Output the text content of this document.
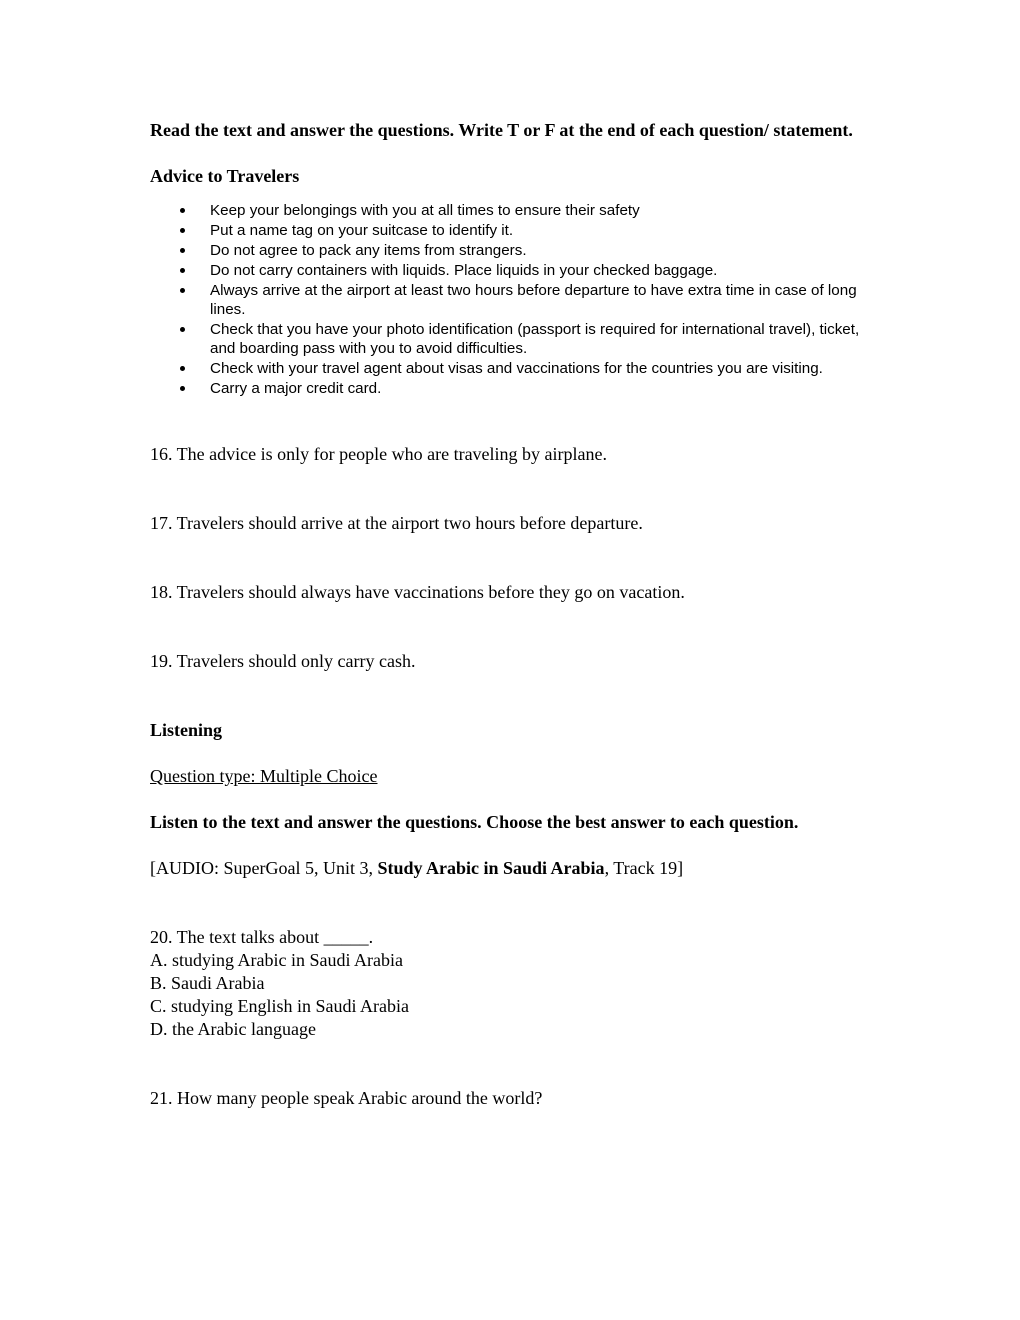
Read the text and answer the questions. Write T or F at the end of each question/ statement.

Advice to Travelers

Keep your belongings with you at all times to ensure their safety
Put a name tag on your suitcase to identify it.
Do not agree to pack any items from strangers.
Do not carry containers with liquids. Place liquids in your checked baggage.
Always arrive at the airport at least two hours before departure to have extra time in case of long lines.
Check that you have your photo identification (passport is required for international travel), ticket, and boarding pass with you to avoid difficulties.
Check with your travel agent about visas and vaccinations for the countries you are visiting.
Carry a major credit card.

16. The advice is only for people who are traveling by airplane.

17. Travelers should arrive at the airport two hours before departure.

18. Travelers should always have vaccinations before they go on vacation.

19. Travelers should only carry cash.

Listening

Question type: Multiple Choice

Listen to the text and answer the questions. Choose the best answer to each question.

[AUDIO: SuperGoal 5, Unit 3, Study Arabic in Saudi Arabia, Track 19]

20. The text talks about _____.

A. studying Arabic in Saudi Arabia
B. Saudi Arabia
C. studying English in Saudi Arabia
D. the Arabic language

21. How many people speak Arabic around the world?
